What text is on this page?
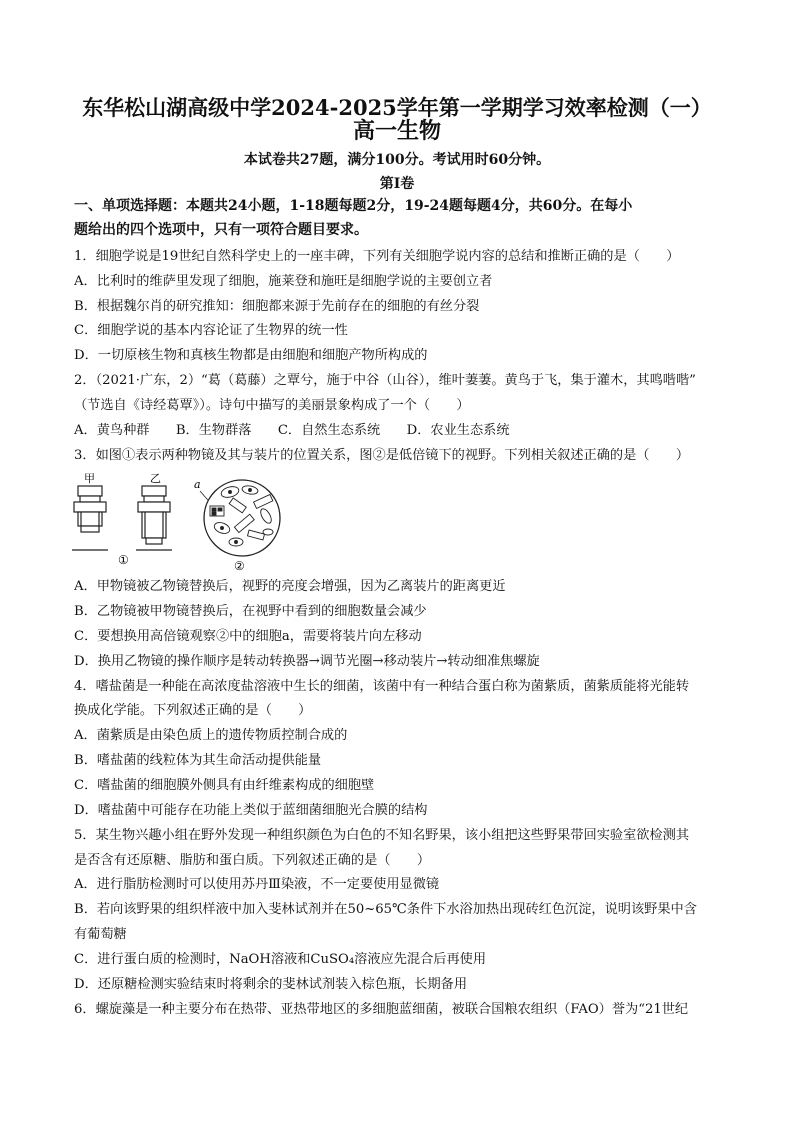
东华松山湖高级中学2024-2025学年第一学期学习效率检测（一）
高一生物
本试卷共27题，满分100分。考试用时60分钟。
第Ⅰ卷
一、单项选择题：本题共24小题，1-18题每题2分，19-24题每题4分，共60分。在每小
题给出的四个选项中，只有一项符合题目要求。
1．细胞学说是19世纪自然科学史上的一座丰碑，下列有关细胞学说内容的总结和推断正确的是（　　）
A．比利时的维萨里发现了细胞，施莱登和施旺是细胞学说的主要创立者
B．根据魏尔肖的研究推知：细胞都来源于先前存在的细胞的有丝分裂
C．细胞学说的基本内容论证了生物界的统一性
D．一切原核生物和真核生物都是由细胞和细胞产物所构成的
2．（2021·广东，2）“葛（葛藤）之覃兮，施于中谷（山谷），维叶萋萋。黄鸟于飞，集于灌木，其鸣喈喈”
（节选自《诗经葛覃》）。诗句中描写的美丽景象构成了一个（　　）
A．黄鸟种群　　B．生物群落　　C．自然生态系统　　D．农业生态系统
3．如图①表示两种物镜及其与装片的位置关系，图②是低倍镜下的视野。下列相关叙述正确的是（　　）
甲	乙
①
a
②
A．甲物镜被乙物镜替换后，视野的亮度会增强，因为乙离装片的距离更近
B．乙物镜被甲物镜替换后，在视野中看到的细胞数量会减少
C．要想换用高倍镜观察②中的细胞a，需要将装片向左移动
D．换用乙物镜的操作顺序是转动转换器→调节光圈→移动装片→转动细准焦螺旋
4．嗜盐菌是一种能在高浓度盐溶液中生长的细菌，该菌中有一种结合蛋白称为菌紫质，菌紫质能将光能转
换成化学能。下列叙述正确的是（　　）
A．菌紫质是由染色质上的遗传物质控制合成的
B．嗜盐菌的线粒体为其生命活动提供能量
C．嗜盐菌的细胞膜外侧具有由纤维素构成的细胞壁
D．嗜盐菌中可能存在功能上类似于蓝细菌细胞光合膜的结构
5．某生物兴趣小组在野外发现一种组织颜色为白色的不知名野果，该小组把这些野果带回实验室欲检测其
是否含有还原糖、脂肪和蛋白质。下列叙述正确的是（　　）
A．进行脂肪检测时可以使用苏丹Ⅲ染液，不一定要使用显微镜
B．若向该野果的组织样液中加入斐林试剂并在50~65℃条件下水浴加热出现砖红色沉淀，说明该野果中含
有葡萄糖
C．进行蛋白质的检测时，NaOH溶液和CuSO₄溶液应先混合后再使用
D．还原糖检测实验结束时将剩余的斐林试剂装入棕色瓶，长期备用
6．螺旋藻是一种主要分布在热带、亚热带地区的多细胞蓝细菌，被联合国粮农组织（FAO）誉为“21世纪
